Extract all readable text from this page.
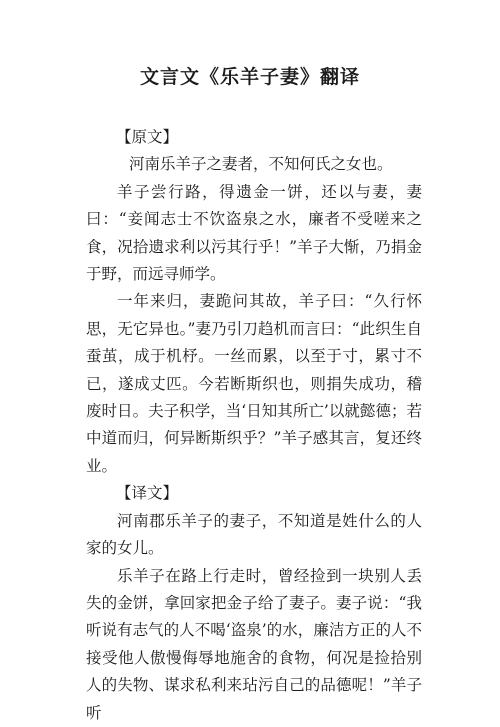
文言文《乐羊子妻》翻译

【原文】

河南乐羊子之妻者，不知何氏之女也。

羊子尝行路，得遗金一饼，还以与妻，妻曰：“妾闻志士不饮盗泉之水，廉者不受嗟来之食，况拾遗求利以污其行乎！”羊子大惭，乃捐金于野，而远寻师学。

一年来归，妻跪问其故，羊子曰：“久行怀思，无它异也。”妻乃引刀趋机而言曰：“此织生自蚕茧，成于机杼。一丝而累，以至于寸，累寸不已，遂成丈匹。今若断斯织也，则捐失成功，稽废时日。夫子积学，当‘日知其所亡’以就懿德；若中道而归，何异断斯织乎？”羊子感其言，复还终业。

【译文】

河南郡乐羊子的妻子，不知道是姓什么的人家的女儿。

乐羊子在路上行走时，曾经捡到一块别人丢失的金饼，拿回家把金子给了妻子。妻子说：“我听说有志气的人不喝‘盗泉’的水，廉洁方正的人不接受他人傲慢侮辱地施舍的食物，何况是捡拾别人的失物、谋求私利来玷污自己的品德呢！”羊子听
